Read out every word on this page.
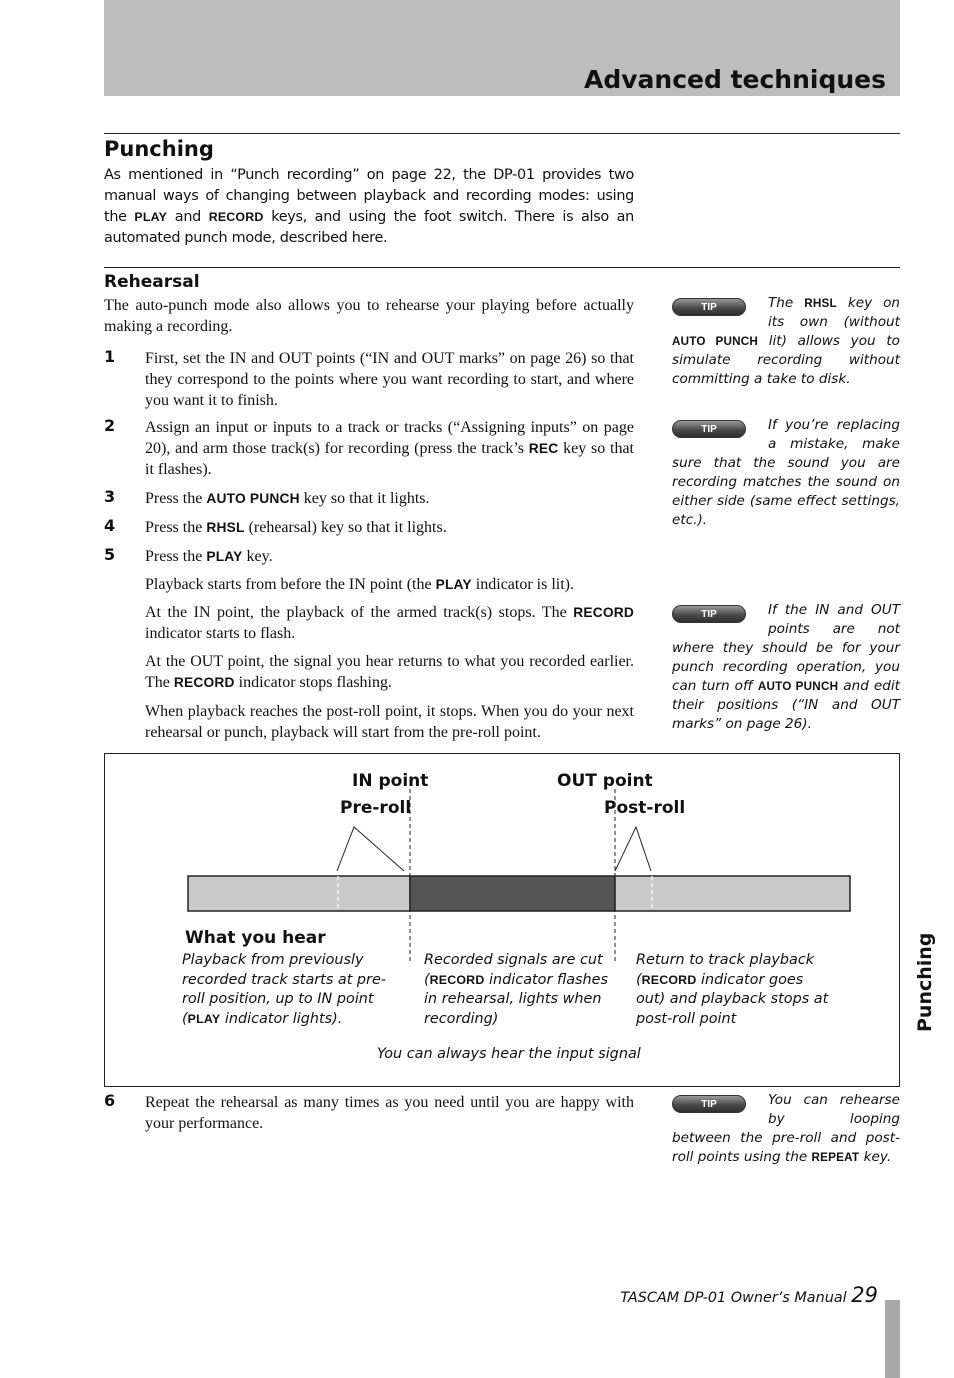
Advanced techniques
Punching
As mentioned in “Punch recording” on page 22, the DP-01 provides two manual ways of changing between playback and recording modes: using the PLAY and RECORD keys, and using the foot switch. There is also an automated punch mode, described here.
Rehearsal
The auto-punch mode also allows you to rehearse your playing before actually making a recording.
1 First, set the IN and OUT points (“IN and OUT marks” on page 26) so that they correspond to the points where you want recording to start, and where you want it to finish.
2 Assign an input or inputs to a track or tracks (“Assigning inputs” on page 20), and arm those track(s) for recording (press the track’s REC key so that it flashes).
3 Press the AUTO PUNCH key so that it lights.
4 Press the RHSL (rehearsal) key so that it lights.
5 Press the PLAY key.
Playback starts from before the IN point (the PLAY indicator is lit).
At the IN point, the playback of the armed track(s) stops. The RECORD indicator starts to flash.
At the OUT point, the signal you hear returns to what you recorded earlier. The RECORD indicator stops flashing.
When playback reaches the post-roll point, it stops. When you do your next rehearsal or punch, playback will start from the pre-roll point.
TIP	The RHSL key on its own (without AUTO PUNCH lit) allows you to simulate recording without committing a take to disk.
TIP	If you’re replacing a mistake, make sure that the sound you are recording matches the sound on either side (same effect settings, etc.).
TIP	If the IN and OUT points are not where they should be for your punch recording operation, you can turn off AUTO PUNCH and edit their positions (“IN and OUT marks” on page 26).
TIP	You can rehearse by looping between the pre-roll and post-roll points using the REPEAT key.
IN point
Pre-roll
OUT point
Post-roll
What you hear
Playback from previously recorded track starts at pre-roll position, up to IN point (PLAY indicator lights).
Recorded signals are cut (RECORD indicator flashes in rehearsal, lights when recording)
Return to track playback (RECORD indicator goes out) and playback stops at post-roll point
You can always hear the input signal
6 Repeat the rehearsal as many times as you need until you are happy with your performance.
Punching
TASCAM DP-01 Owner’s Manual 29
